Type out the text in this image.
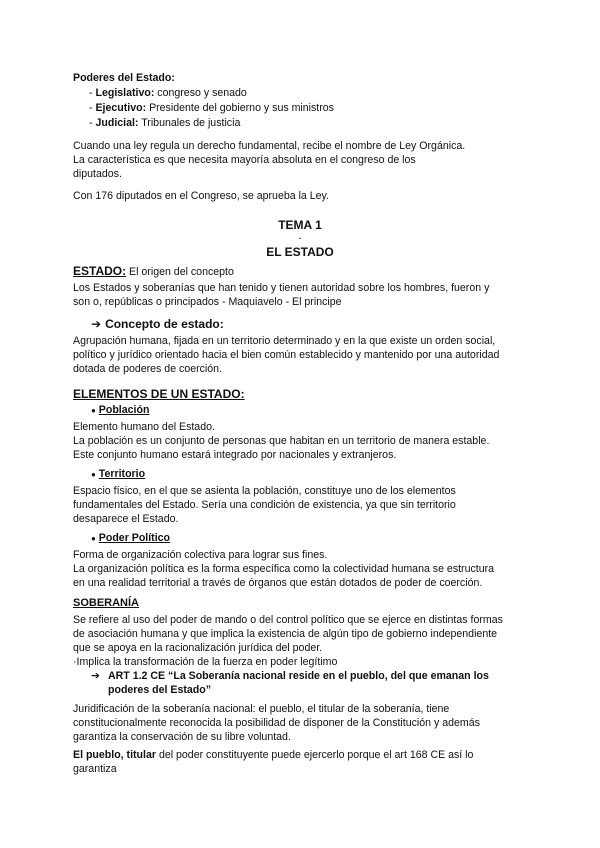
Poderes del Estado:
- Legislativo: congreso y senado
- Ejecutivo: Presidente del gobierno y sus ministros
- Judicial: Tribunales de justicia
Cuando una ley regula un derecho fundamental, recibe el nombre de Ley Orgánica.
La característica es que necesita mayoría absoluta en el congreso de los
diputados.
Con 176 diputados en el Congreso, se aprueba la Ley.
TEMA 1
-
EL ESTADO
ESTADO: El origen del concepto
Los Estados y soberanías que han tenido y tienen autoridad sobre los hombres, fueron y
son o, repúblicas o principados - Maquiavelo - El principe
➔ Concepto de estado:
Agrupación humana, fijada en un territorio determinado y en la que existe un orden social,
político y jurídico orientado hacia el bien común establecido y mantenido por una autoridad
dotada de poderes de coerción.
ELEMENTOS DE UN ESTADO:
● Población
Elemento humano del Estado.
La población es un conjunto de personas que habitan en un territorio de manera estable.
Este conjunto humano estará integrado por nacionales y extranjeros.
● Territorio
Espacio físico, en el que se asienta la población, constituye uno de los elementos
fundamentales del Estado. Sería una condición de existencia, ya que sin territorio
desaparece el Estado.
● Poder Político
Forma de organización colectiva para lograr sus fines.
La organización política es la forma específica como la colectividad humana se estructura
en una realidad territorial a través de órganos que están dotados de poder de coerción.
SOBERANÍA
Se refiere al uso del poder de mando o del control político que se ejerce en distintas formas
de asociación humana y que implica la existencia de algún tipo de gobierno independiente
que se apoya en la racionalización jurídica del poder.
·Implica la transformación de la fuerza en poder legítimo
➔ ART 1.2 CE “La Soberanía nacional reside en el pueblo, del que emanan los
poderes del Estado”
Juridificación de la soberanía nacional: el pueblo, el titular de la soberanía, tiene
constitucionalmente reconocida la posibilidad de disponer de la Constitución y además
garantiza la conservación de su libre voluntad.
El pueblo, titular del poder constituyente puede ejercerlo porque el art 168 CE así lo
garantiza
